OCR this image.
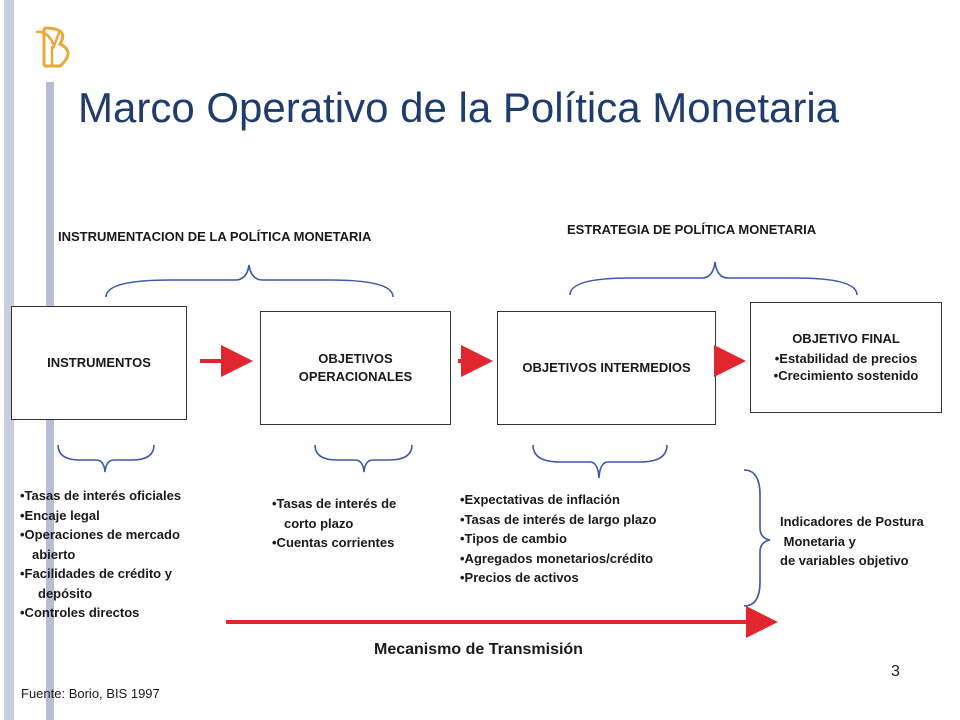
Marco Operativo de la Política Monetaria
INSTRUMENTACION DE LA POLÍTICA MONETARIA	ESTRATEGIA DE POLÍTICA MONETARIA
INSTRUMENTOS	OBJETIVOS
OPERACIONALES
OBJETIVOS INTERMEDIOS
OBJETIVO FINAL
•Estabilidad de precios
•Crecimiento sostenido
•Tasas de interés oficiales
•Encaje legal
•Operaciones de mercado
abierto
•Facilidades de crédito y
depósito
•Controles directos
•Tasas de interés de
corto plazo
•Cuentas corrientes
•Expectativas de inflación
•Tasas de interés de largo plazo
•Tipos de cambio
•Agregados monetarios/crédito
•Precios de activos
Indicadores de Postura
Monetaria y
de variables objetivo
Mecanismo de Transmisión
Fuente: Borio, BIS 1997
3
